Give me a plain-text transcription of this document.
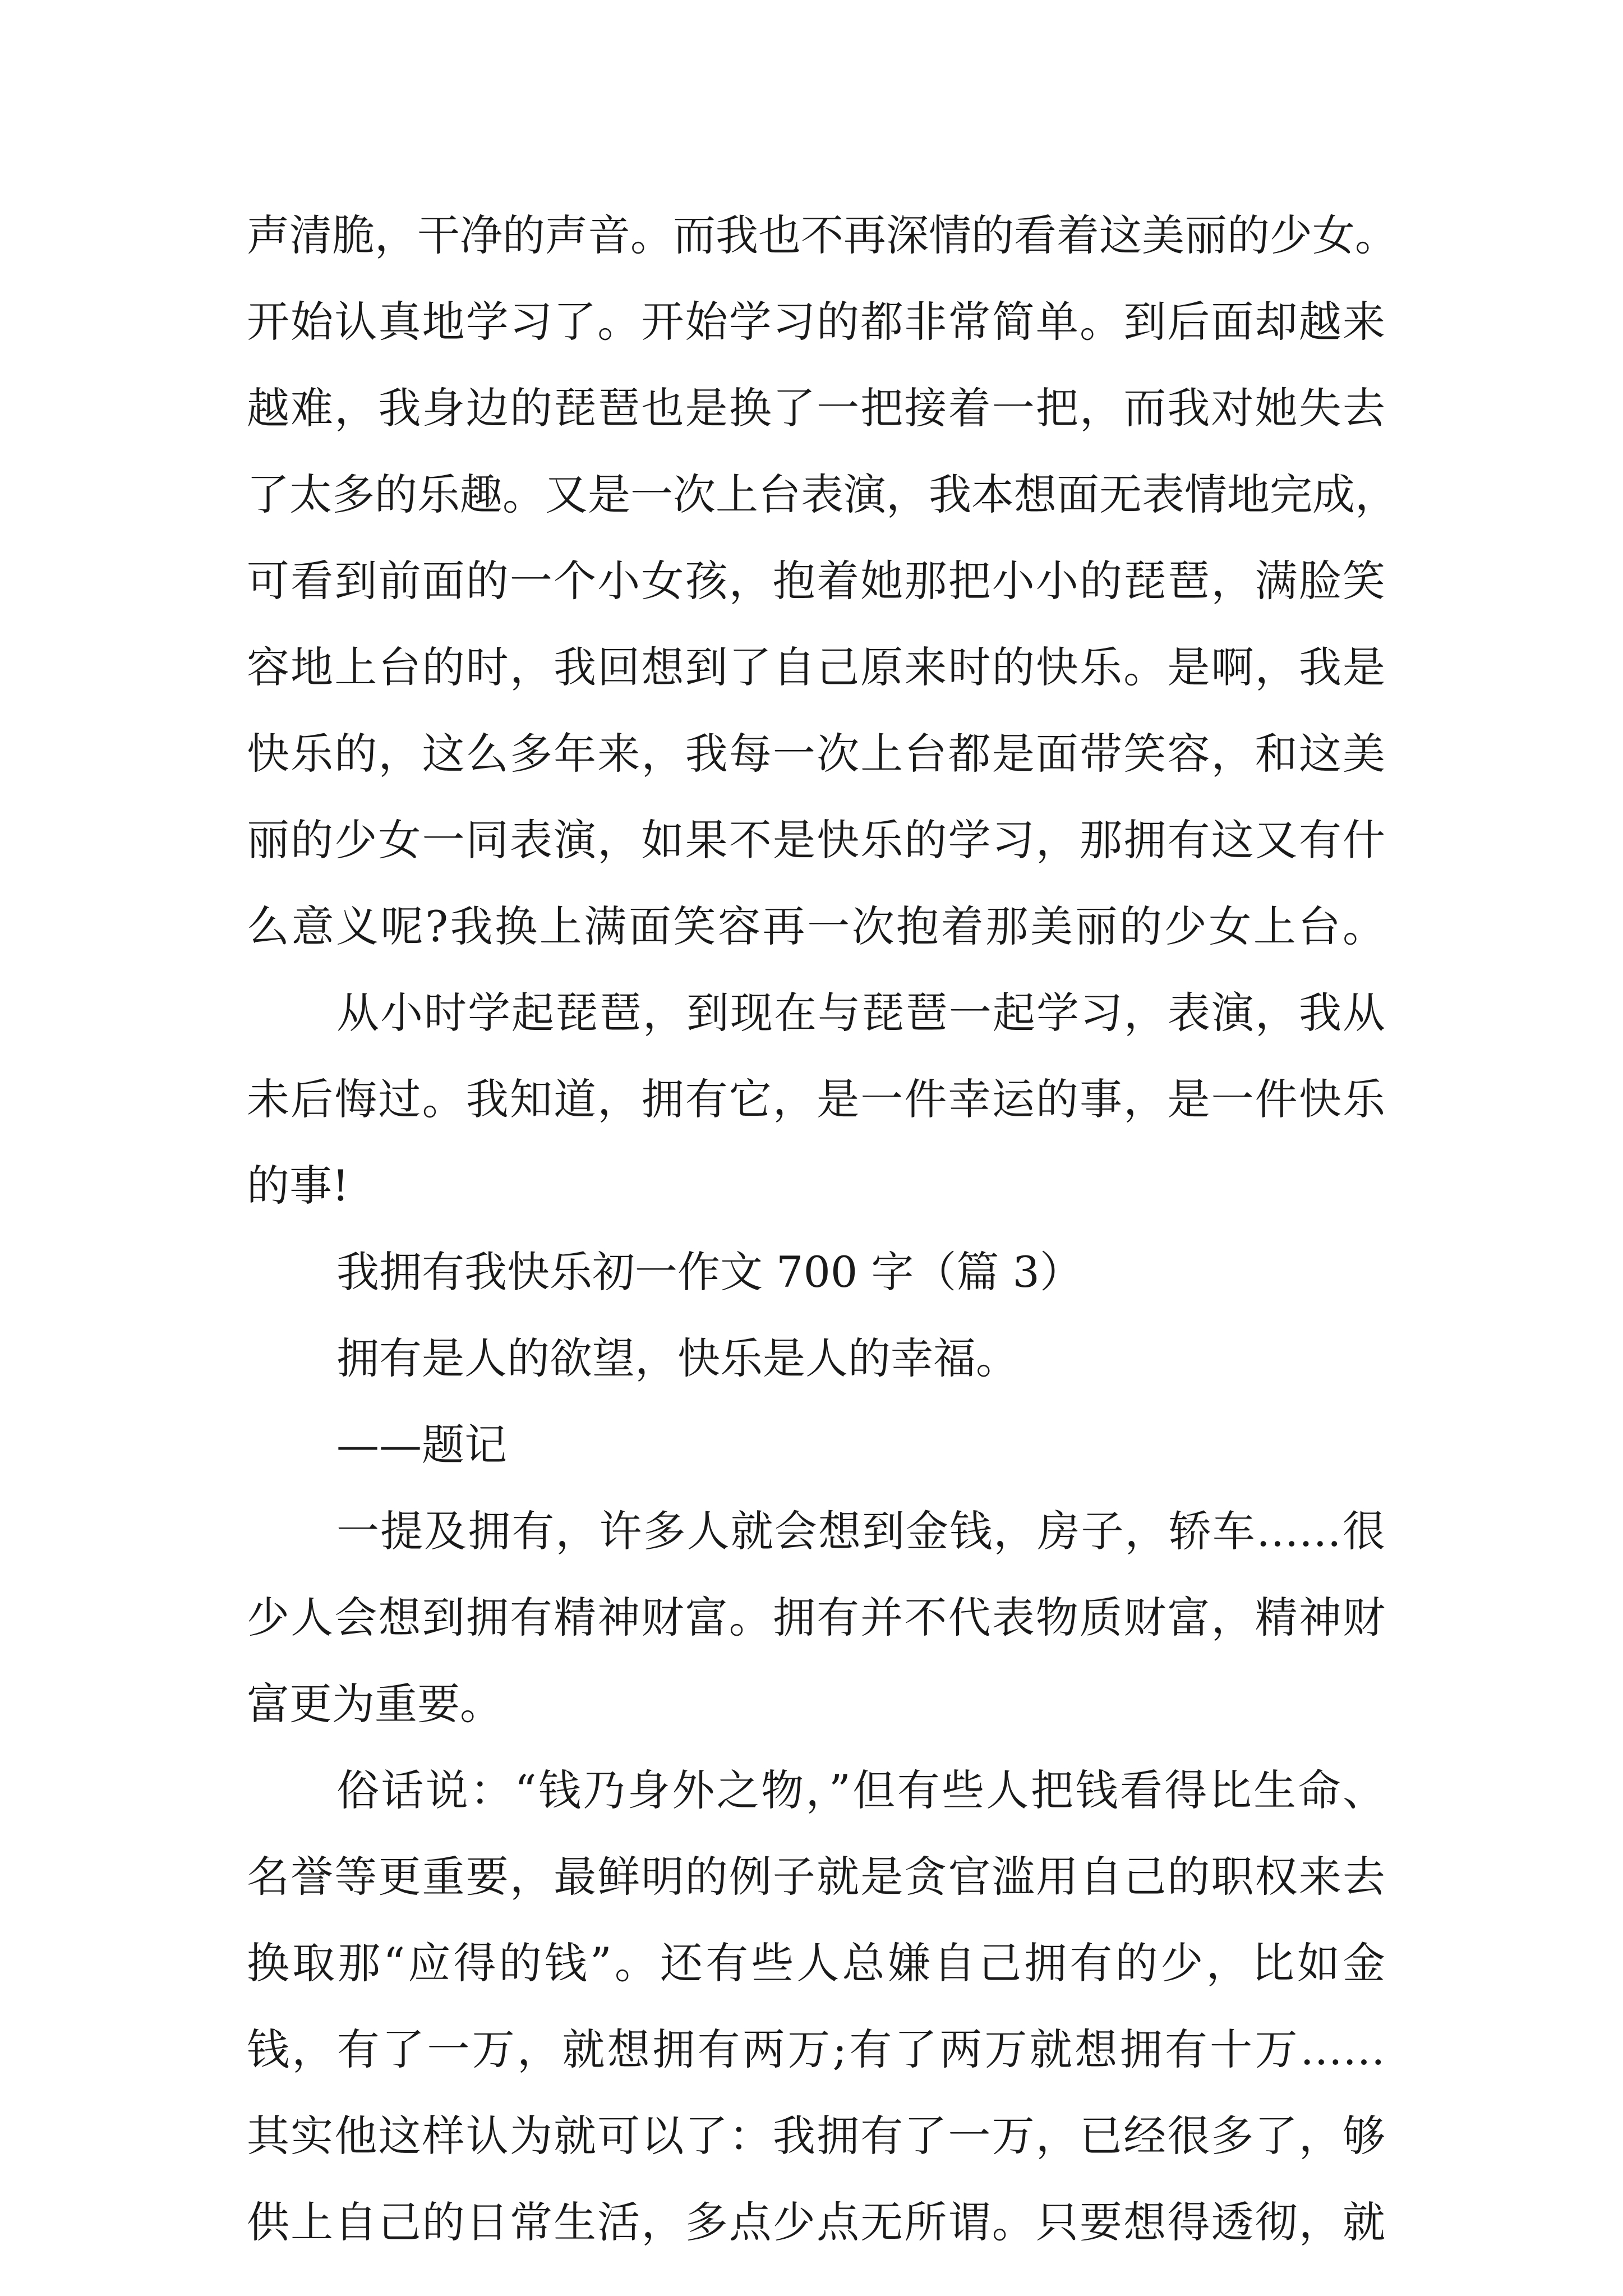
声清脆，干净的声音。而我也不再深情的看着这美丽的少女。
开始认真地学习了。开始学习的都非常简单。到后面却越来
越难，我身边的琵琶也是换了一把接着一把，而我对她失去
了太多的乐趣。又是一次上台表演，我本想面无表情地完成，
可看到前面的一个小女孩，抱着她那把小小的琵琶，满脸笑
容地上台的时，我回想到了自己原来时的快乐。是啊，我是
快乐的，这么多年来，我每一次上台都是面带笑容，和这美
丽的少女一同表演，如果不是快乐的学习，那拥有这又有什
么意义呢?我换上满面笑容再一次抱着那美丽的少女上台。
从小时学起琵琶，到现在与琵琶一起学习，表演，我从
未后悔过。我知道，拥有它，是一件幸运的事，是一件快乐
的事!
我拥有我快乐初一作文 700 字（篇 3）
拥有是人的欲望，快乐是人的幸福。
——题记
一提及拥有，许多人就会想到金钱，房子，轿车……很
少人会想到拥有精神财富。拥有并不代表物质财富，精神财
富更为重要。
俗话说：“钱乃身外之物，”但有些人把钱看得比生命、
名誉等更重要，最鲜明的例子就是贪官滥用自己的职权来去
换取那“应得的钱”。还有些人总嫌自己拥有的少，比如金
钱，有了一万，就想拥有两万;有了两万就想拥有十万……
其实他这样认为就可以了：我拥有了一万，已经很多了，够
供上自己的日常生活，多点少点无所谓。只要想得透彻，就
